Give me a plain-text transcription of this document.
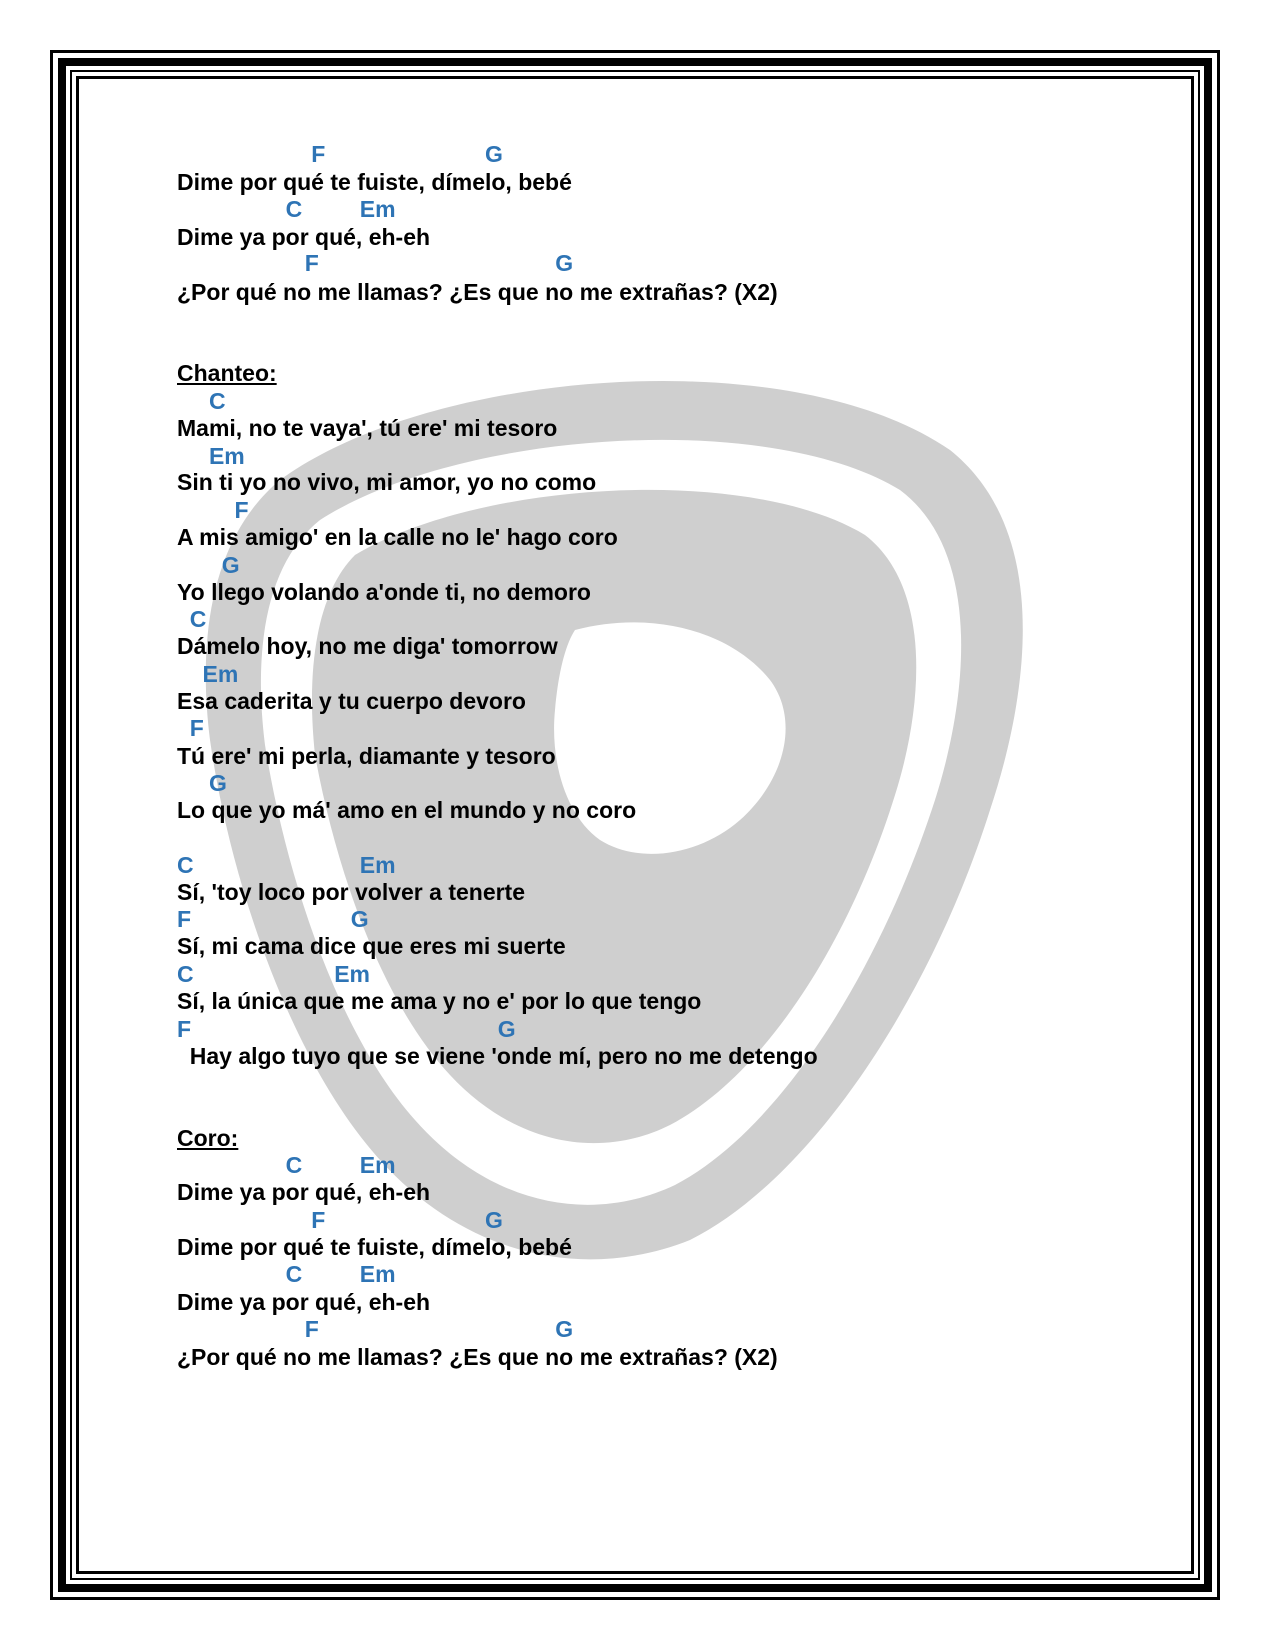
F                         G

Dime por qué te fuiste, dímelo, bebé

C         Em

Dime ya por qué, eh-eh

F                                     G

¿Por qué no me llamas? ¿Es que no me extrañas? (X2)

Chanteo:

C

Mami, no te vaya', tú ere' mi tesoro

Em

Sin ti yo no vivo, mi amor, yo no como

F

A mis amigo' en la calle no le' hago coro

G

Yo llego volando a'onde ti, no demoro

C

Dámelo hoy, no me diga' tomorrow

Em

Esa caderita y tu cuerpo devoro

F

Tú ere' mi perla, diamante y tesoro

G

Lo que yo má' amo en el mundo y no coro

C                          Em

Sí, 'toy loco por volver a tenerte

F                         G

Sí, mi cama dice que eres mi suerte

C                      Em

Sí, la única que me ama y no e' por lo que tengo

F                                                G

Hay algo tuyo que se viene 'onde mí, pero no me detengo

Coro:

C         Em

Dime ya por qué, eh-eh

F                         G

Dime por qué te fuiste, dímelo, bebé

C         Em

Dime ya por qué, eh-eh

F                                     G

¿Por qué no me llamas? ¿Es que no me extrañas? (X2)
